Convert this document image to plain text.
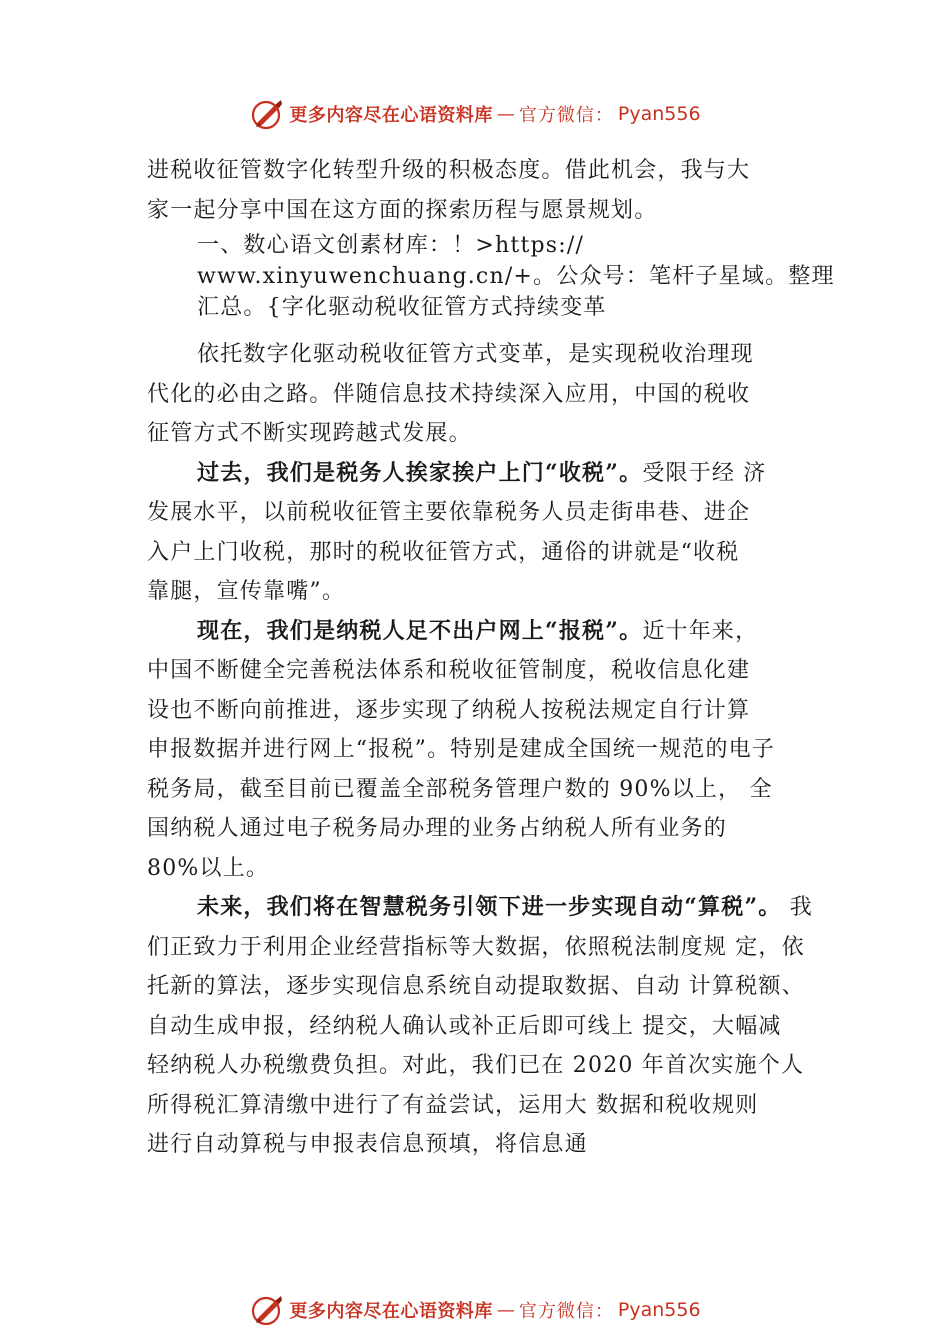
更多内容尽在心语资料库 — 官方微信： Pyan556
进税收征管数字化转型升级的积极态度。借此机会，我与大
家一起分享中国在这方面的探索历程与愿景规划。
一、数心语文创素材库：！>https://
www.xinyuwenchuang.cn/+。公众号：笔杆子星域。整理
汇总。{字化驱动税收征管方式持续变革
依托数字化驱动税收征管方式变革，是实现税收治理现
代化的必由之路。伴随信息技术持续深入应用，中国的税收
征管方式不断实现跨越式发展。
过去，我们是税务人挨家挨户上门“收税”。受限于经 济
发展水平，以前税收征管主要依靠税务人员走街串巷、进企
入户上门收税，那时的税收征管方式，通俗的讲就是“收税
靠腿，宣传靠嘴”。
现在，我们是纳税人足不出户网上“报税”。近十年来，
中国不断健全完善税法体系和税收征管制度，税收信息化建
设也不断向前推进，逐步实现了纳税人按税法规定自行计算
申报数据并进行网上“报税”。特别是建成全国统一规范的电子
税务局，截至目前已覆盖全部税务管理户数的 90%以上， 全
国纳税人通过电子税务局办理的业务占纳税人所有业务的
80%以上。
未来，我们将在智慧税务引领下进一步实现自动“算税”。 我
们正致力于利用企业经营指标等大数据，依照税法制度规 定，依
托新的算法，逐步实现信息系统自动提取数据、自动 计算税额、
自动生成申报，经纳税人确认或补正后即可线上 提交，大幅减
轻纳税人办税缴费负担。对此，我们已在 2020 年首次实施个人
所得税汇算清缴中进行了有益尝试，运用大 数据和税收规则
进行自动算税与申报表信息预填，将信息通
更多内容尽在心语资料库 — 官方微信： Pyan556
